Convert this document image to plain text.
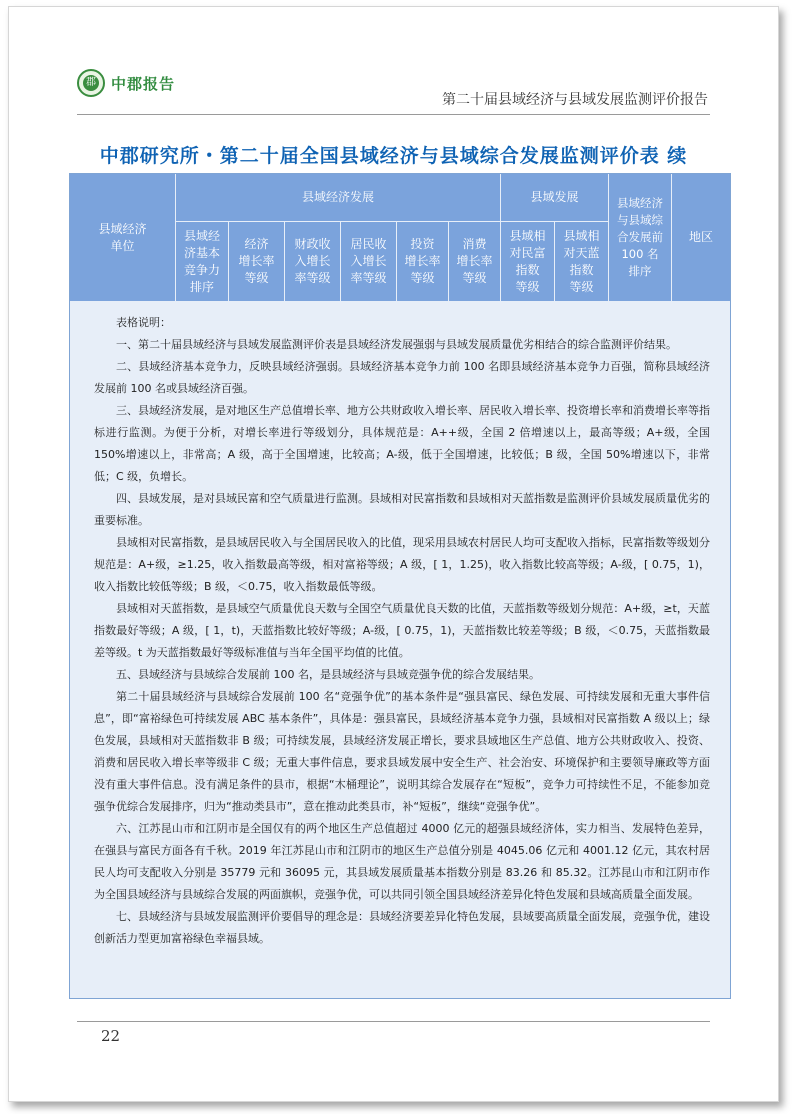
郡 中郡报告
第二十届县域经济与县域发展监测评价报告
中郡研究所・第二十届全国县域经济与县域综合发展监测评价表 续
县域经济
单位
县域经济发展	县域发展	县域经济
与县域综
合发展前
100 名
排序
地区
县域经
济基本
竞争力
排序
经济
增长率
等级
财政收
入增长
率等级
居民收
入增长
率等级
投资
增长率
等级
消费
增长率
等级
县域相
对民富
指数
等级
县域相
对天蓝
指数
等级

表格说明：

一、第二十届县域经济与县域发展监测评价表是县域经济发展强弱与县域发展质量优劣相结合的综合监测评价结果。

二、县域经济基本竞争力，反映县域经济强弱。县域经济基本竞争力前 100 名即县域经济基本竞争力百强，简称县域经济发展前 100 名或县域经济百强。

三、县域经济发展，是对地区生产总值增长率、地方公共财政收入增长率、居民收入增长率、投资增长率和消费增长率等指标进行监测。为便于分析，对增长率进行等级划分，具体规范是：A++级，全国 2 倍增速以上，最高等级；A+级，全国 150%增速以上，非常高；A 级，高于全国增速，比较高；A-级，低于全国增速，比较低；B 级，全国 50%增速以下，非常低；C 级，负增长。

四、县域发展，是对县域民富和空气质量进行监测。县域相对民富指数和县域相对天蓝指数是监测评价县域发展质量优劣的重要标准。

县域相对民富指数，是县域居民收入与全国居民收入的比值，现采用县域农村居民人均可支配收入指标，民富指数等级划分规范是：A+级，≥1.25，收入指数最高等级，相对富裕等级；A 级，[ 1，1.25)，收入指数比较高等级；A-级，[ 0.75，1)，收入指数比较低等级；B 级，＜0.75，收入指数最低等级。

县域相对天蓝指数，是县域空气质量优良天数与全国空气质量优良天数的比值，天蓝指数等级划分规范：A+级，≥t，天蓝指数最好等级；A 级，[ 1，t)，天蓝指数比较好等级；A-级，[ 0.75，1)，天蓝指数比较差等级；B 级，＜0.75，天蓝指数最差等级。t 为天蓝指数最好等级标准值与当年全国平均值的比值。

五、县域经济与县域综合发展前 100 名，是县域经济与县域竞强争优的综合发展结果。

第二十届县域经济与县域综合发展前 100 名“竞强争优”的基本条件是“强县富民、绿色发展、可持续发展和无重大事件信息”，即“富裕绿色可持续发展 ABC 基本条件”，具体是：强县富民，县域经济基本竞争力强，县域相对民富指数 A 级以上；绿色发展，县域相对天蓝指数非 B 级；可持续发展，县域经济发展正增长，要求县域地区生产总值、地方公共财政收入、投资、消费和居民收入增长率等级非 C 级；无重大事件信息，要求县域发展中安全生产、社会治安、环境保护和主要领导廉政等方面没有重大事件信息。没有满足条件的县市，根据“木桶理论”，说明其综合发展存在“短板”，竞争力可持续性不足，不能参加竞强争优综合发展排序，归为“推动类县市”，意在推动此类县市，补“短板”，继续“竞强争优”。

六、江苏昆山市和江阴市是全国仅有的两个地区生产总值超过 4000 亿元的超强县域经济体，实力相当、发展特色差异，在强县与富民方面各有千秋。2019 年江苏昆山市和江阴市的地区生产总值分别是 4045.06 亿元和 4001.12 亿元，其农村居民人均可支配收入分别是 35779 元和 36095 元，其县域发展质量基本指数分别是 83.26 和 85.32。江苏昆山市和江阴市作为全国县域经济与县域综合发展的两面旗帜，竞强争优，可以共同引领全国县域经济差异化特色发展和县域高质量全面发展。

七、县域经济与县域发展监测评价要倡导的理念是：县域经济要差异化特色发展，县域要高质量全面发展，竞强争优，建设创新活力型更加富裕绿色幸福县域。

22
